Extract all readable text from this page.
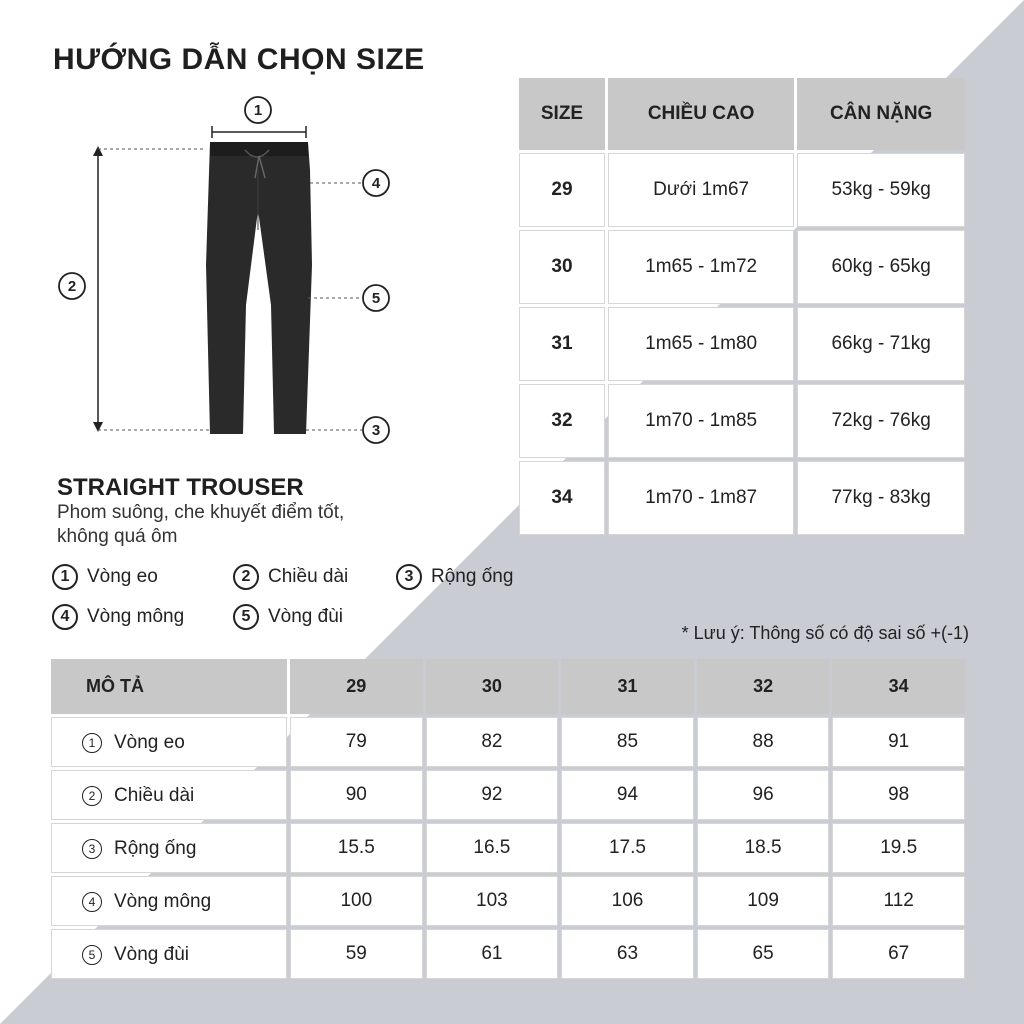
HƯỚNG DẪN CHỌN SIZE
1
2
4
5
3
SIZE	CHIỀU CAO	CÂN NẶNG
29	Dưới 1m67	53kg - 59kg
30	1m65 - 1m72	60kg - 65kg
31	1m65 - 1m80	66kg - 71kg
32	1m70 - 1m85	72kg - 76kg
34	1m70 - 1m87	77kg - 83kg
STRAIGHT TROUSER
Phom suông, che khuyết điểm tốt,
không quá ôm
1 Vòng eo	2 Chiều dài	3 Rộng ống
4 Vòng mông	5 Vòng đùi
* Lưu ý: Thông số có độ sai số +(-1)
MÔ TẢ	29	30	31	32	34

1 Vòng eo	79	82	85	88	91

2 Chiều dài	90	92	94	96	98

3 Rộng ống	15.5	16.5	17.5	18.5	19.5

4 Vòng mông	100	103	106	109	112

5 Vòng đùi	59	61	63	65	67
